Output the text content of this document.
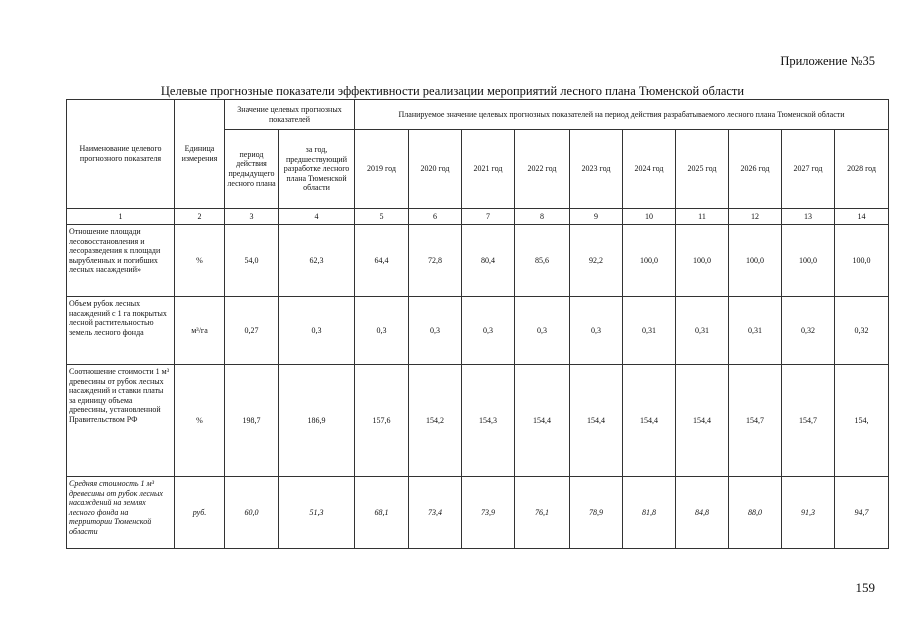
Приложение №35
Целевые прогнозные показатели эффективности реализации мероприятий лесного плана Тюменской области
Наименование целевого прогнозного показателя	Единица измерения	Значение целевых прогнозных показателей		Планируемое значение целевых прогнозных показателей на период действия разрабатываемого лесного плана Тюменской области									
		период действия предыдущего лесного плана	за год, предшествующий разработке лесного плана Тюменской области	2019 год	2020 год	2021 год	2022 год	2023 год	2024 год	2025 год	2026 год	2027 год	2028 год
1	2	3	4	5	6	7	8	9	10	11	12	13	14
Отношение площади лесовосстановления и лесоразведения к площади вырубленных и погибших лесных насаждений»	%	54,0	62,3	64,4	72,8	80,4	85,6	92,2	100,0	100,0	100,0	100,0	100,0
Объем рубок лесных насаждений с 1 га покрытых лесной растительностью земель лесного фонда	м³/га	0,27	0,3	0,3	0,3	0,3	0,3	0,3	0,31	0,31	0,31	0,32	0,32
Соотношение стоимости 1 м³ древесины от рубок лесных насаждений и ставки платы за единицу объема древесины, установленной Правительством РФ	%	198,7	186,9	157,6	154,2	154,3	154,4	154,4	154,4	154,4	154,7	154,7	154,
Средняя стоимость 1 м³ древесины от рубок лесных насаждений на землях лесного фонда на территории Тюменской области	руб.	60,0	51,3	68,1	73,4	73,9	76,1	78,9	81,8	84,8	88,0	91,3	94,7
159
